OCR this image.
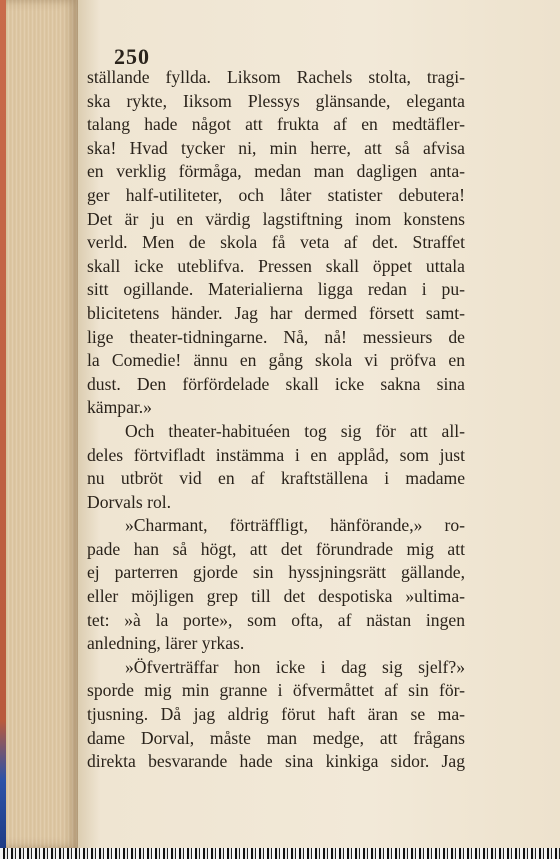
250
ställande fyllda. Liksom Rachels stolta, tragi-
ska rykte, Iiksom Plessys glänsande, eleganta
talang hade något att frukta af en medtäfler-
ska! Hvad tycker ni, min herre, att så afvisa
en verklig förmåga, medan man dagligen anta-
ger half-utiliteter, och låter statister debutera!
Det är ju en värdig lagstiftning inom konstens
verld. Men de skola få veta af det. Straffet
skall icke uteblifva. Pressen skall öppet uttala
sitt ogillande. Materialierna ligga redan i pu-
blicitetens händer. Jag har dermed försett samt-
lige theater-tidningarne. Nå, nå! messieurs de
la Comedie! ännu en gång skola vi pröfva en
dust. Den förfördelade skall icke sakna sina
kämpar.»
Och theater-habituéen tog sig för att all-
deles förtvifladt instämma i en applåd, som just
nu utbröt vid en af kraftställena i madame
Dorvals rol.
»Charmant, förträffligt, hänförande,» ro-
pade han så högt, att det förundrade mig att
ej parterren gjorde sin hyssjningsrätt gällande,
eller möjligen grep till det despotiska »ultima-
tet: »à la porte», som ofta, af nästan ingen
anledning, lärer yrkas.
»Öfverträffar hon icke i dag sig sjelf?»
sporde mig min granne i öfvermåttet af sin för-
tjusning. Då jag aldrig förut haft äran se ma-
dame Dorval, måste man medge, att frågans
direkta besvarande hade sina kinkiga sidor. Jag
